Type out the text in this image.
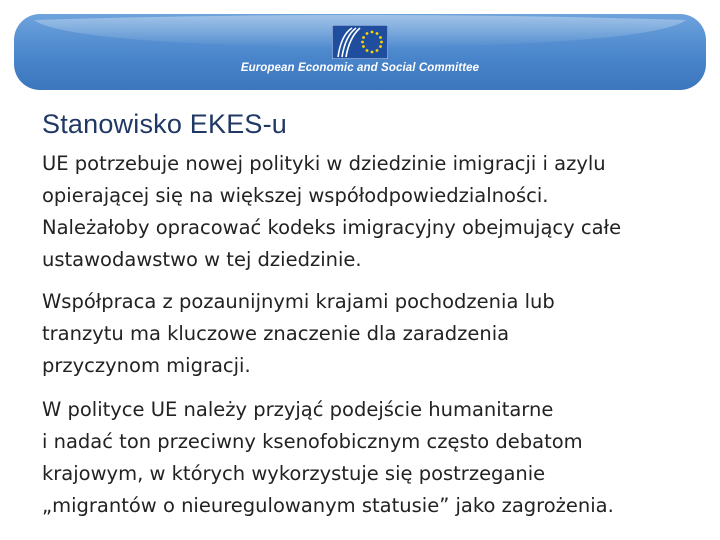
European Economic and Social Committee
Stanowisko EKES-u

UE potrzebuje nowej polityki w dziedzinie imigracji i azylu
opierającej się na większej współodpowiedzialności.
Należałoby opracować kodeks imigracyjny obejmujący całe
ustawodawstwo w tej dziedzinie.

Współpraca z pozaunijnymi krajami pochodzenia lub
tranzytu ma kluczowe znaczenie dla zaradzenia
przyczynom migracji.

W polityce UE należy przyjąć podejście humanitarne
i nadać ton przeciwny ksenofobicznym często debatom
krajowym, w których wykorzystuje się postrzeganie
„migrantów o nieuregulowanym statusie” jako zagrożenia.
